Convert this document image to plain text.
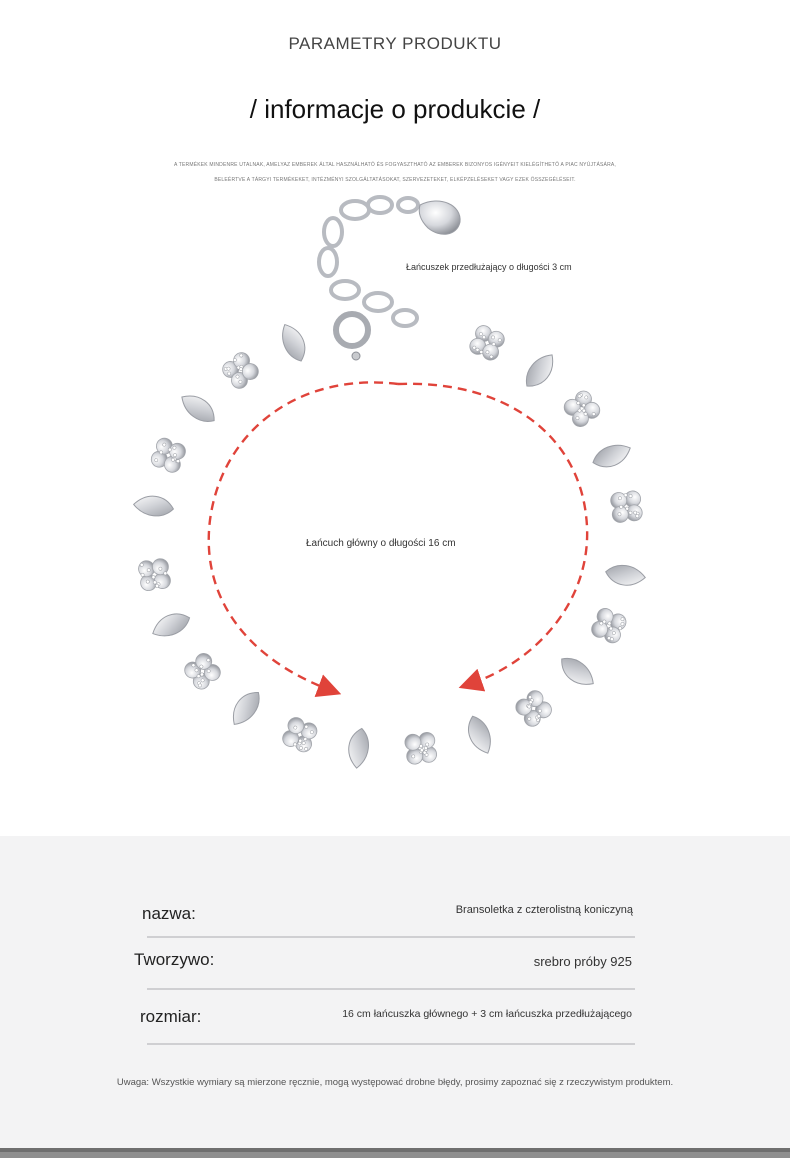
PARAMETRY PRODUKTU
/ informacje o produkcie /
A TERMÉKEK MINDENRE UTALNAK, AMELYAZ EMBEREK ÁLTAL HASZNÁLHATÓ ÉS FOGYASZTHATÓ AZ EMBEREK BIZONYOS IGÉNYEIT KIELÉGÍTHETŐ A PIAC NYÚJTÁSÁRA,
BELEÉRTVE A TÁRGYI TERMÉKEKET, INTÉZMÉNYI SZOLGÁLTATÁSOKAT, SZERVEZETEKET, ELKÉPZELÉSEKET VAGY EZEK ÖSSZEGÉLÉSEIT.
Łańcuszek przedłużający o długości 3 cm
Łańcuch główny o długości 16 cm
nazwa:	Bransoletka z czterolistną koniczyną
Tworzywo:	srebro próby 925
rozmiar:	16 cm łańcuszka głównego + 3 cm łańcuszka przedłużającego
Uwaga: Wszystkie wymiary są mierzone ręcznie, mogą występować drobne błędy, prosimy zapoznać się z rzeczywistym produktem.
